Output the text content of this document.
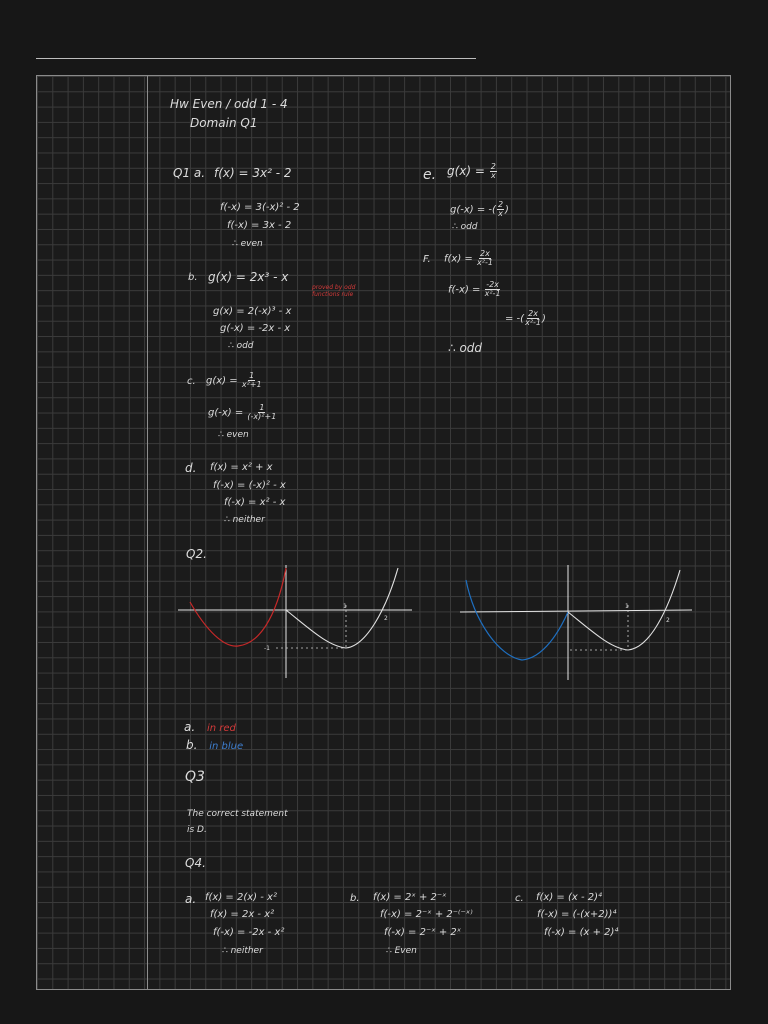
Hw Even / odd 1 - 4
Domain Q1
Q1 a. f(x) = 3x² - 2
f(-x) = 3(-x)² - 2
f(-x) = 3x - 2
∴ even
b. g(x) = 2x³ - x
proved by odd functions rule
g(x) = 2(-x)³ - x
g(-x) = -2x - x
∴ odd
c. $g(x) = \frac{1}{\text{x²+1}}$
$g(-x) = \frac{1}{\text{(-x)²+1}}$
∴ even
d. f(x) = x² + x
f(-x) = (-x)² - x
f(-x) = x² - x
∴ neither
e. $g(x) = \frac{2}{x}$
g(-x) = -( $\frac{2}{x}$ )
∴ odd
F. $f(x) = \frac{2x}{\text{x²-1}}$
$f(-x) = \frac{-2x}{\text{x²-1}}$
= -( $\frac{2x}{\text{x²-1}}$ )
∴ odd
Q2.
1
2
-1
1
2
a. in red
b. in blue
Q3
The correct statement
is D.
Q4.
a. f(x) = 2(x) - x²
f(x) = 2x - x²
f(-x) = -2x - x²
∴ neither
b. f(x) = 2ˣ + 2⁻ˣ
f(-x) = 2⁻ˣ + 2⁻⁽⁻ˣ⁾
f(-x) = 2⁻ˣ + 2ˣ
∴ Even
c. f(x) = (x - 2)⁴
f(-x) = (-(x+2))⁴
f(-x) = (x + 2)⁴
